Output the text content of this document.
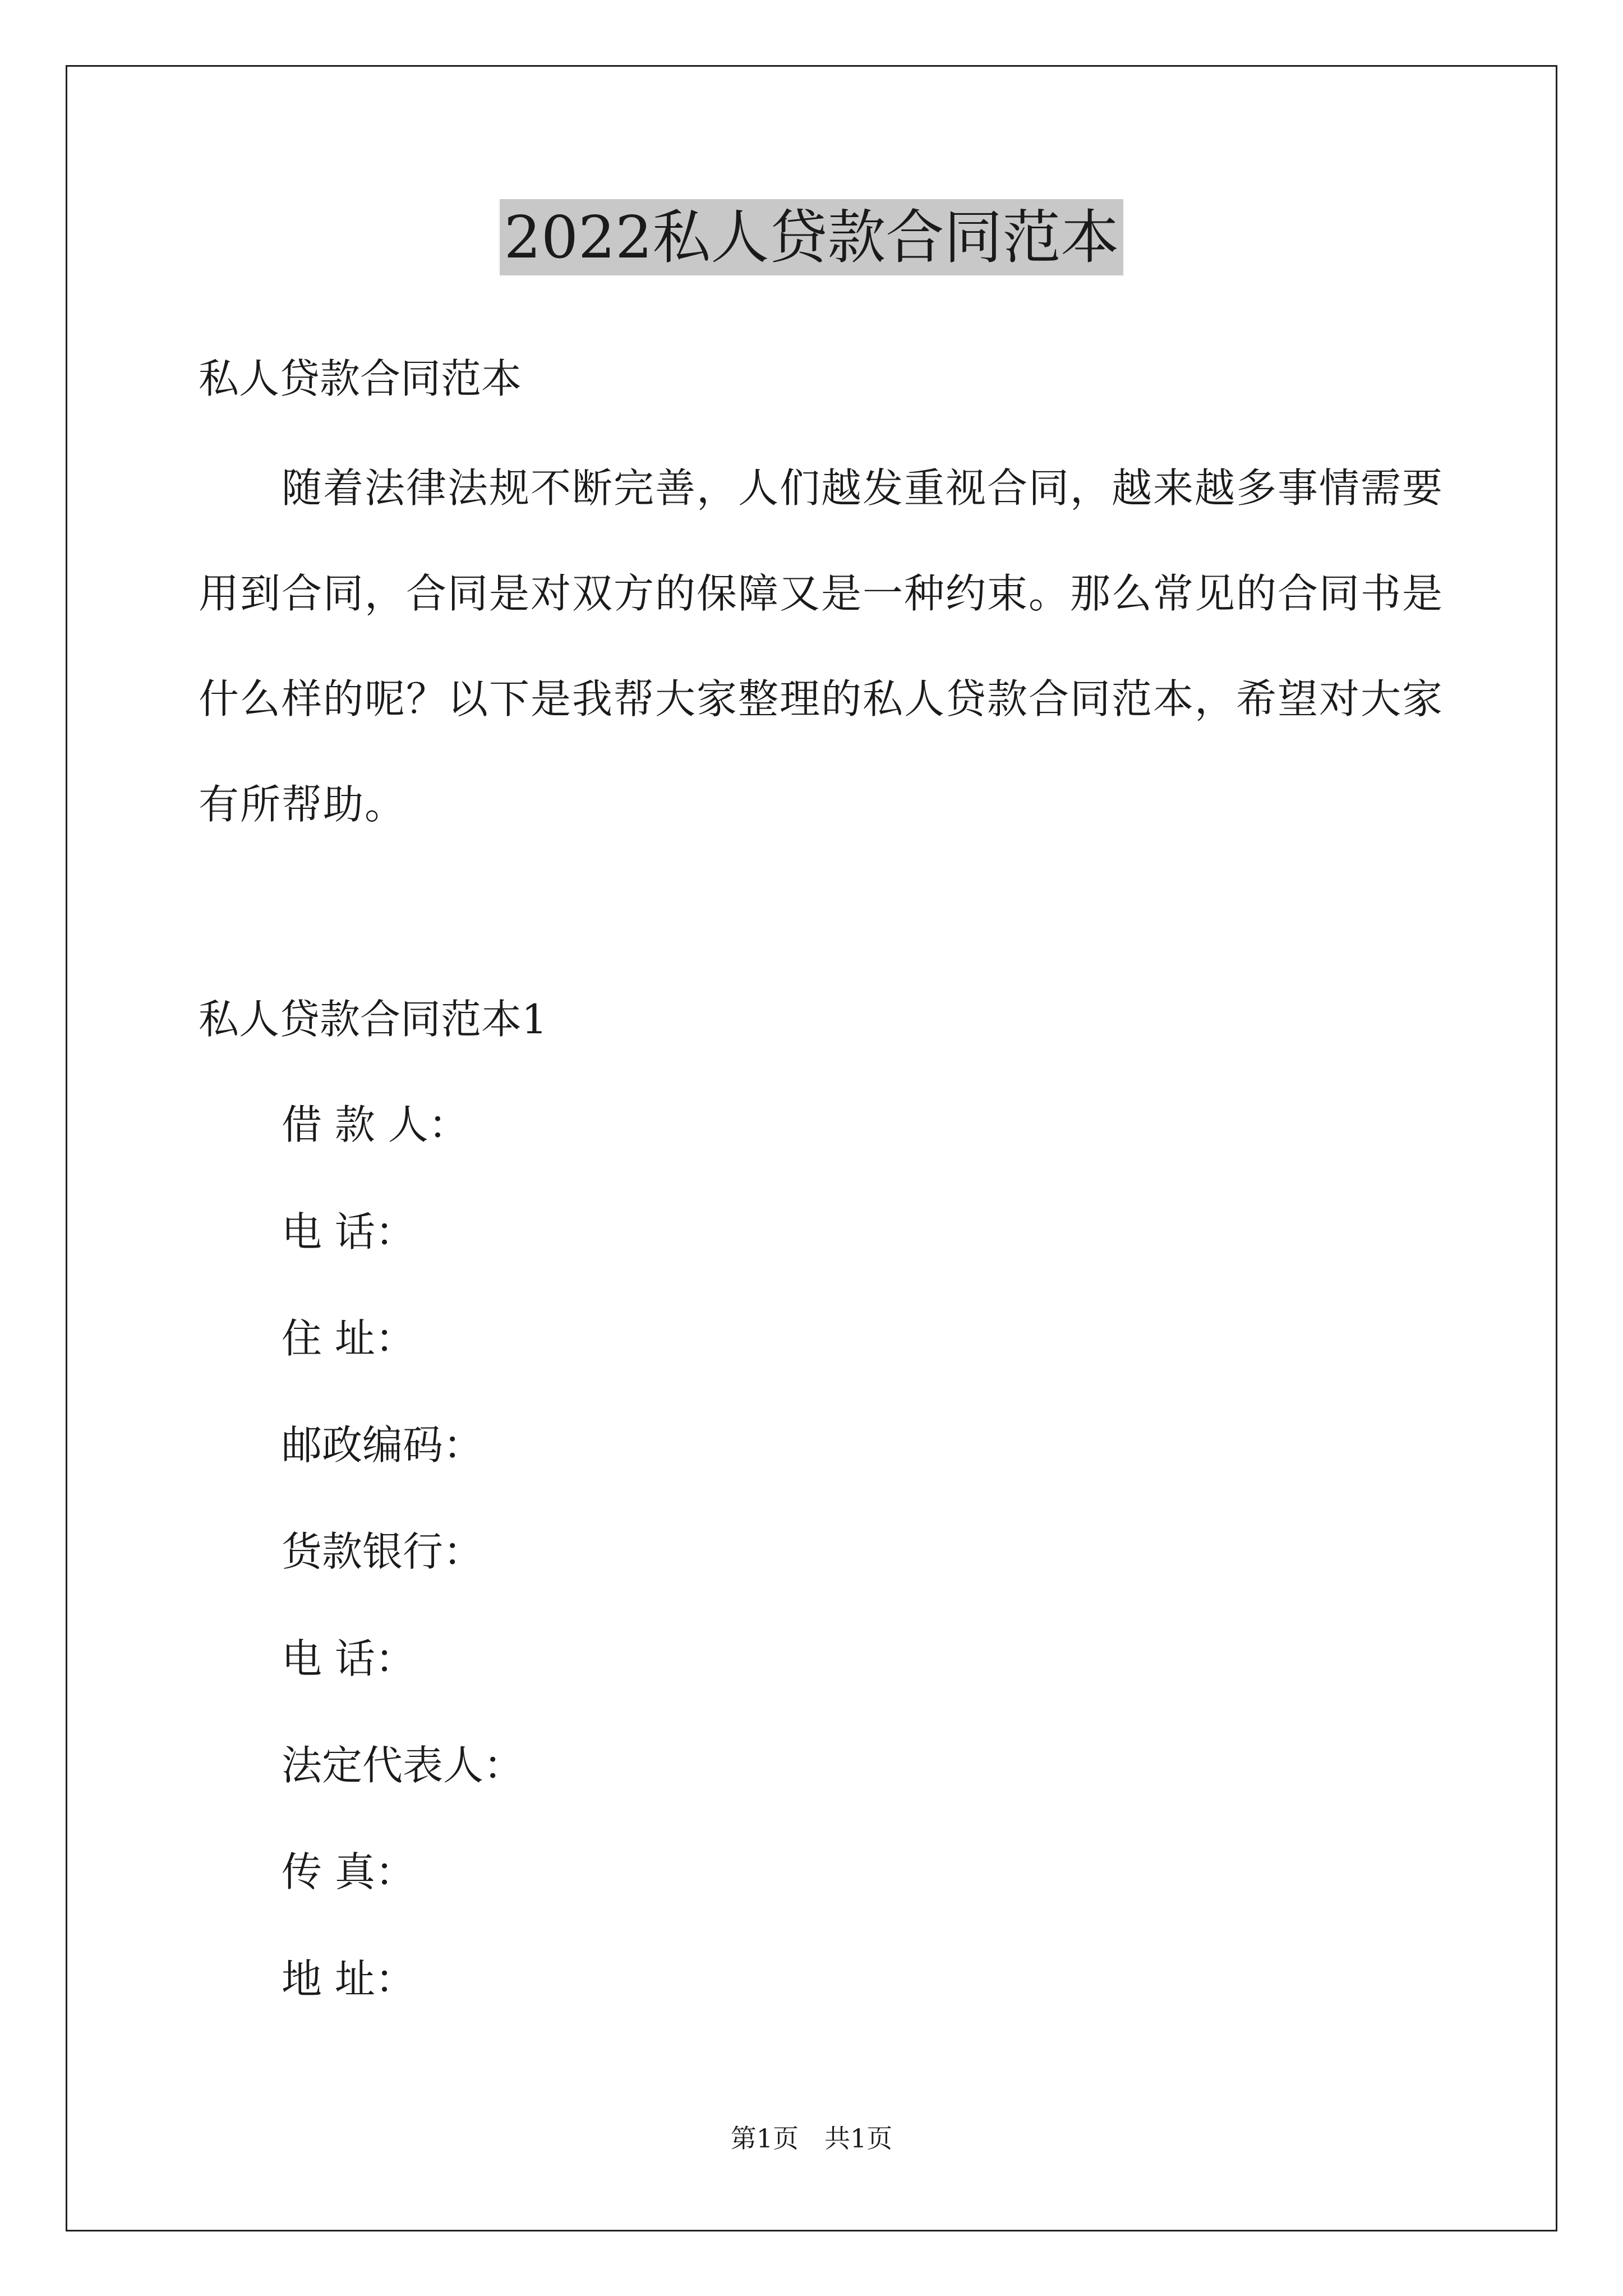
2022私人贷款合同范本
私人贷款合同范本
随着法律法规不断完善，人们越发重视合同，越来越多事情需要
用到合同，合同是对双方的保障又是一种约束。那么常见的合同书是
什么样的呢？以下是我帮大家整理的私人贷款合同范本，希望对大家
有所帮助。
私人贷款合同范本1
借 款 人：
电 话：
住 址：
邮政编码：
货款银行：
电 话：
法定代表人：
传 真：
地 址：
第1页 共1页
